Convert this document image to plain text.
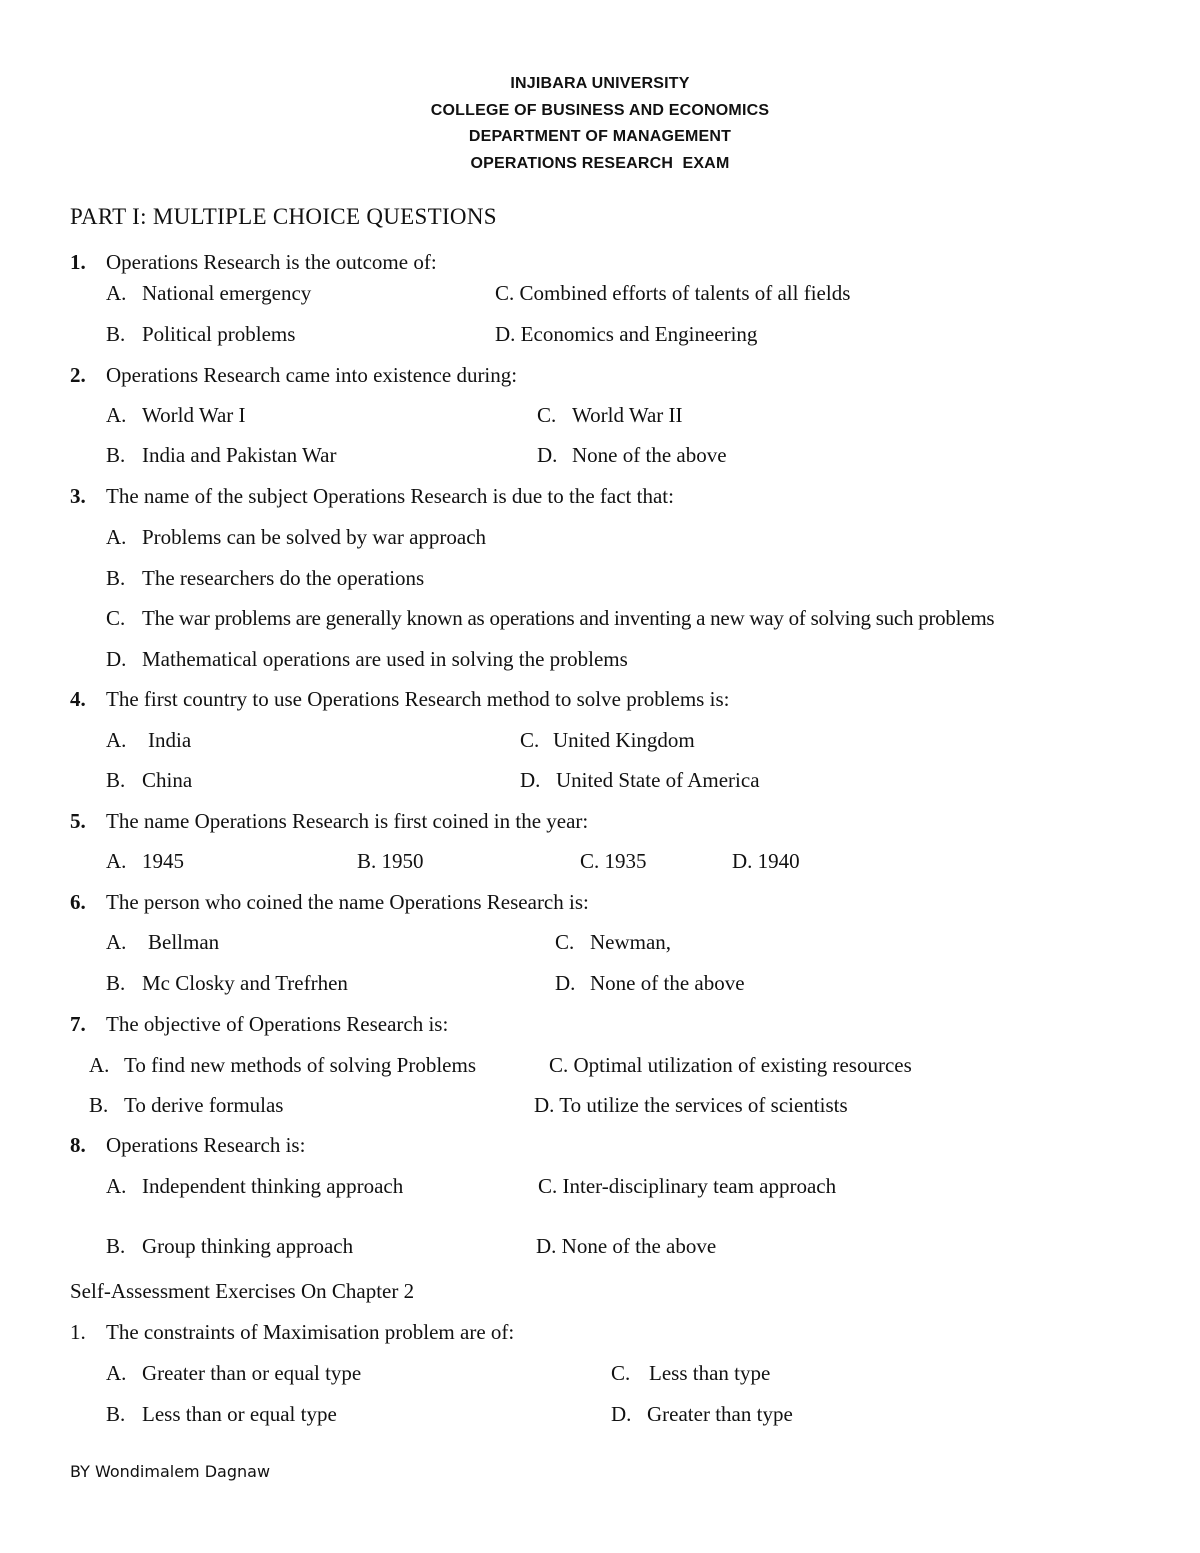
INJIBARA UNIVERSITY
COLLEGE OF BUSINESS AND ECONOMICS
DEPARTMENT OF MANAGEMENT
OPERATIONS RESEARCH  EXAM
PART I: MULTIPLE CHOICE QUESTIONS
1. Operations Research is the outcome of:
A. National emergency	C. Combined efforts of talents of all fields
B. Political problems	D. Economics and Engineering
2. Operations Research came into existence during:
A. World War I	C. World War II
B. India and Pakistan War	D. None of the above
3. The name of the subject Operations Research is due to the fact that:
A. Problems can be solved by war approach
B. The researchers do the operations
C. The war problems are generally known as operations and inventing a new way of solving such problems
D. Mathematical operations are used in solving the problems
4. The first country to use Operations Research method to solve problems is:
A. India	C. United Kingdom
B. China	D. United State of America
5. The name Operations Research is first coined in the year:
A. 1945	B. 1950	C. 1935	D. 1940
6. The person who coined the name Operations Research is:
A. Bellman	C. Newman,
B. Mc Closky and Trefrhen	D. None of the above
7. The objective of Operations Research is:
A. To find new methods of solving Problems	C. Optimal utilization of existing resources
B. To derive formulas	D. To utilize the services of scientists
8. Operations Research is:
A. Independent thinking approach	C. Inter-disciplinary team approach
B. Group thinking approach	D. None of the above
Self-Assessment Exercises On Chapter 2
1. The constraints of Maximisation problem are of:
A. Greater than or equal type	C. Less than type
B. Less than or equal type	D. Greater than type
BY Wondimalem Dagnaw
